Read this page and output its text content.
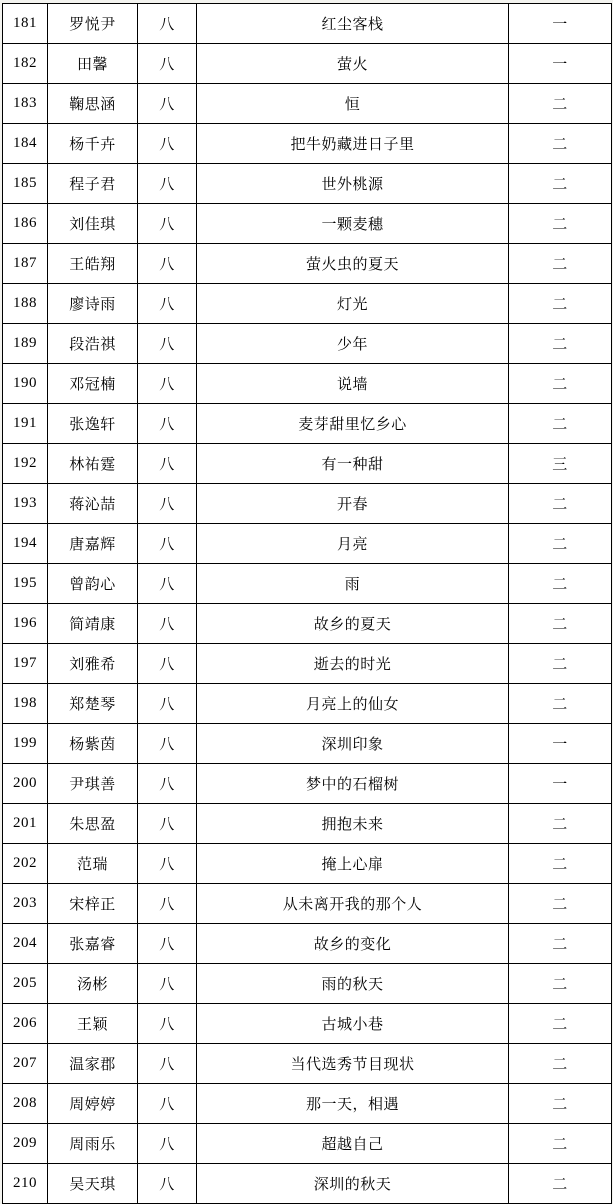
181	罗悦尹	八	红尘客栈	一
182	田馨	八	萤火	一
183	鞠思涵	八	恒	二
184	杨千卉	八	把牛奶藏进日子里	二
185	程子君	八	世外桃源	二
186	刘佳琪	八	一颗麦穗	二
187	王皓翔	八	萤火虫的夏天	二
188	廖诗雨	八	灯光	二
189	段浩祺	八	少年	二
190	邓冠楠	八	说墙	二
191	张逸轩	八	麦芽甜里忆乡心	二
192	林祐霆	八	有一种甜	三
193	蒋沁喆	八	开春	二
194	唐嘉辉	八	月亮	二
195	曾韵心	八	雨	二
196	简靖康	八	故乡的夏天	二
197	刘雅希	八	逝去的时光	二
198	郑楚琴	八	月亮上的仙女	二
199	杨紫茵	八	深圳印象	一
200	尹琪善	八	梦中的石榴树	一
201	朱思盈	八	拥抱未来	二
202	范瑞	八	掩上心扉	二
203	宋梓正	八	从未离开我的那个人	二
204	张嘉睿	八	故乡的变化	二
205	汤彬	八	雨的秋天	二
206	王颖	八	古城小巷	二
207	温家郡	八	当代选秀节目现状	二
208	周婷婷	八	那一天，相遇	二
209	周雨乐	八	超越自己	二
210	吴天琪	八	深圳的秋天	二
